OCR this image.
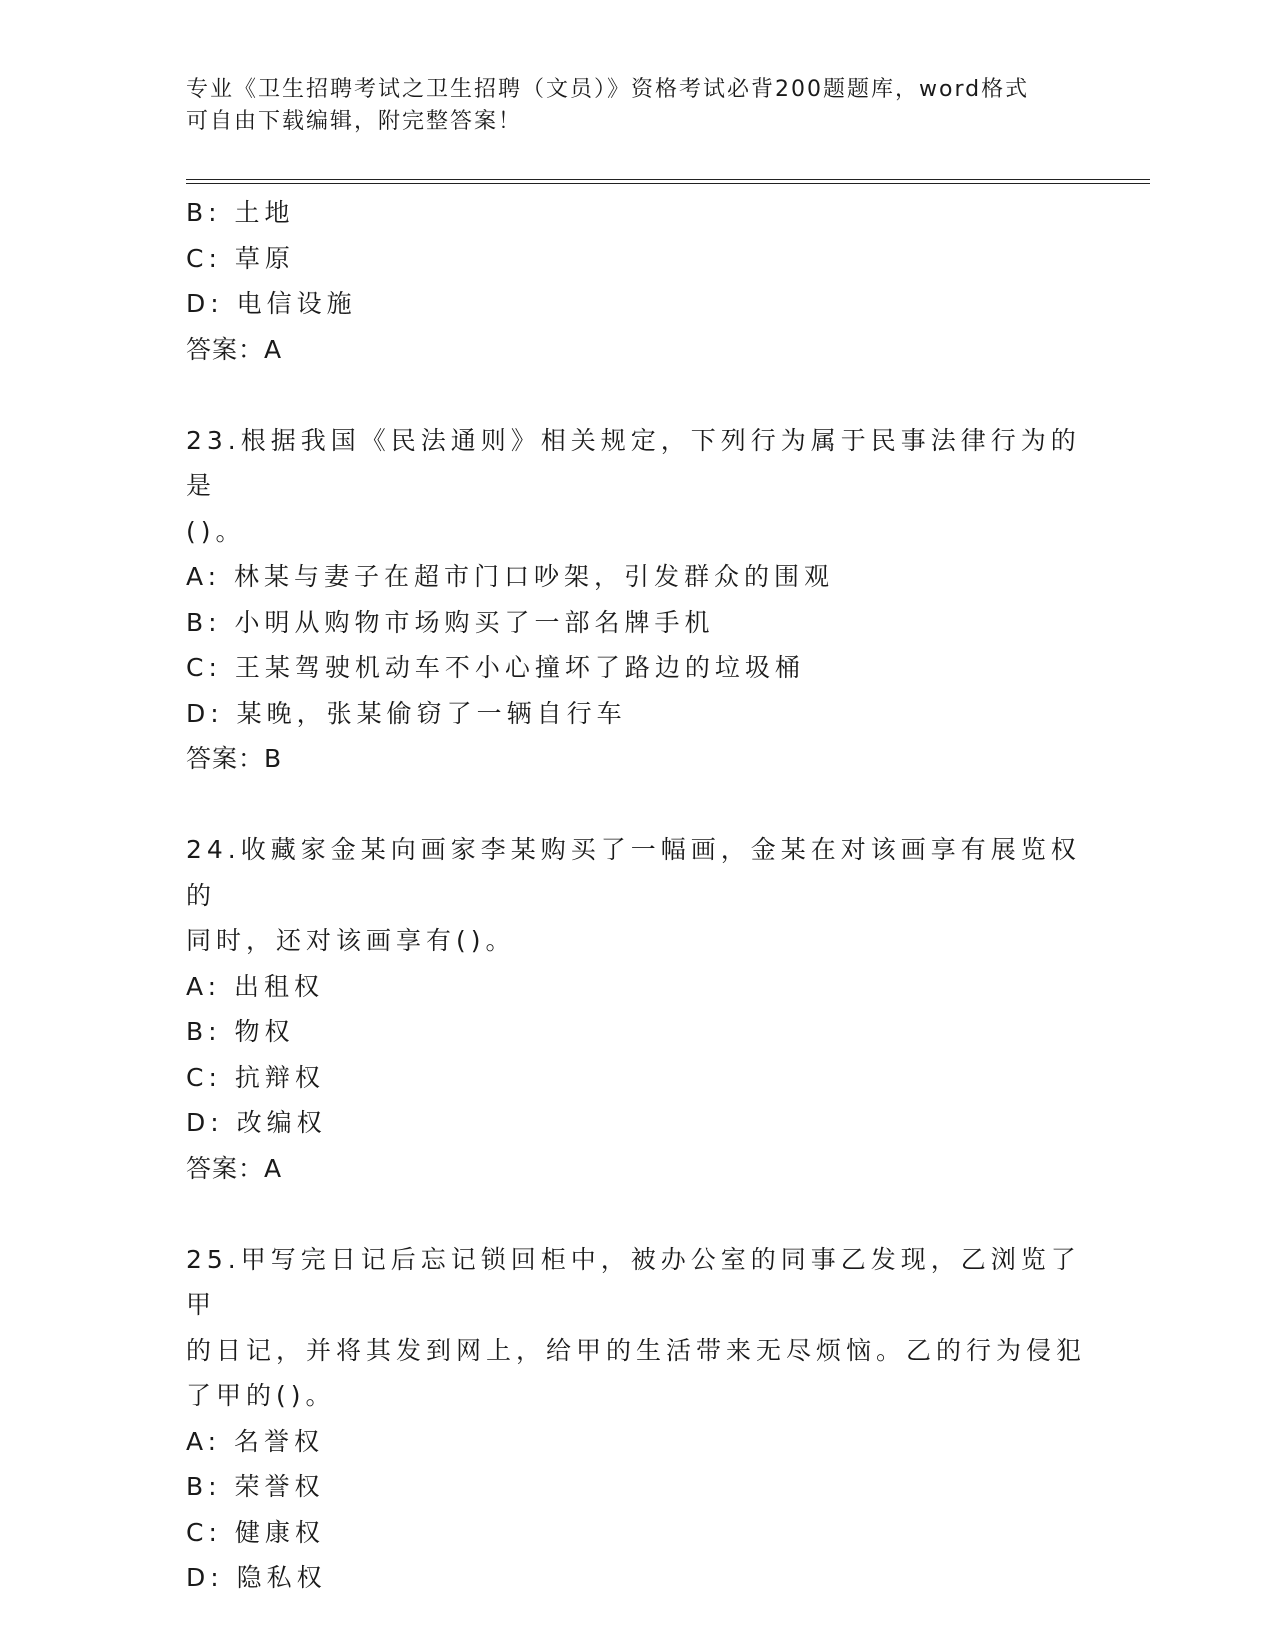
专业《卫生招聘考试之卫生招聘（文员）》资格考试必背200题题库，word格式
可自由下载编辑，附完整答案！
B: 土地
C: 草原
D: 电信设施
答案：A
23.根据我国《民法通则》相关规定，下列行为属于民事法律行为的是
()。
A: 林某与妻子在超市门口吵架，引发群众的围观
B: 小明从购物市场购买了一部名牌手机
C: 王某驾驶机动车不小心撞坏了路边的垃圾桶
D: 某晚，张某偷窃了一辆自行车
答案：B
24.收藏家金某向画家李某购买了一幅画，金某在对该画享有展览权的
同时，还对该画享有()。
A: 出租权
B: 物权
C: 抗辩权
D: 改编权
答案：A
25.甲写完日记后忘记锁回柜中，被办公室的同事乙发现，乙浏览了甲
的日记，并将其发到网上，给甲的生活带来无尽烦恼。乙的行为侵犯
了甲的()。
A: 名誉权
B: 荣誉权
C: 健康权
D: 隐私权
